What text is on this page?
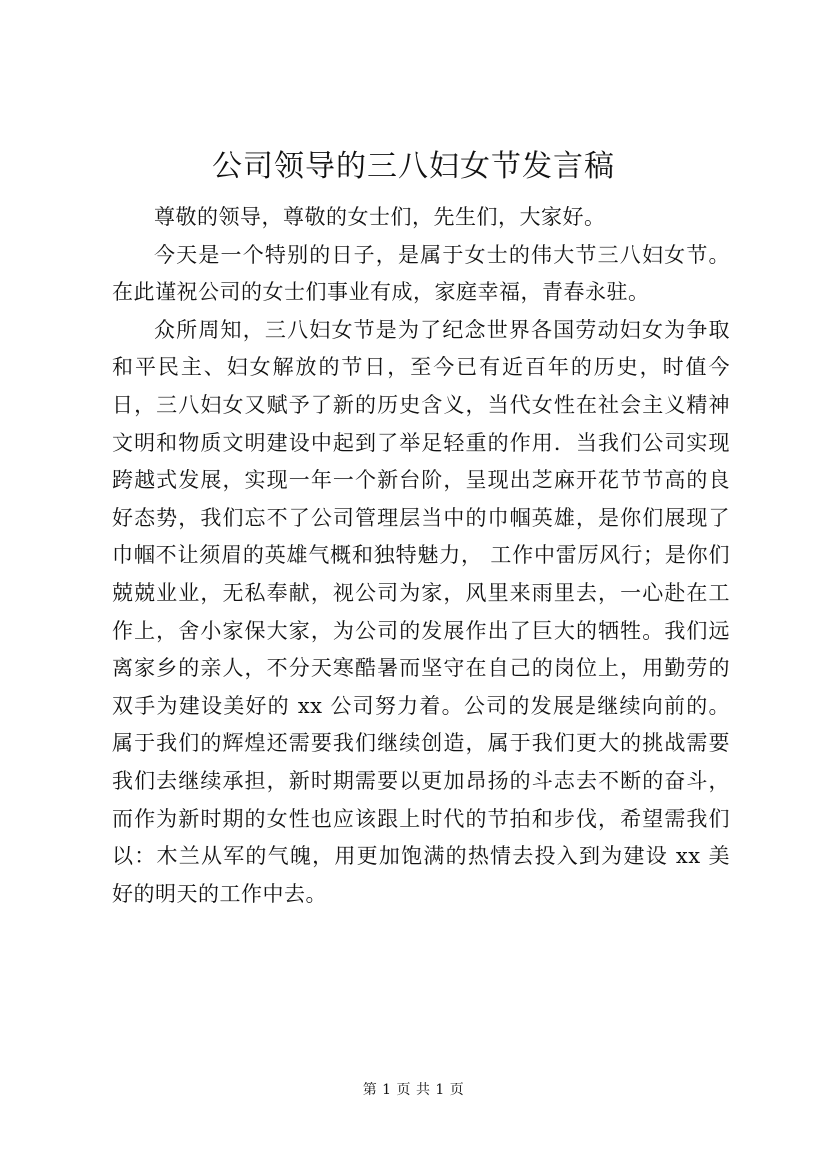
公司领导的三八妇女节发言稿

尊敬的领导，尊敬的女士们，先生们，大家好。

今天是一个特别的日子，是属于女士的伟大节三八妇女节。在此谨祝公司的女士们事业有成，家庭幸福，青春永驻。

众所周知，三八妇女节是为了纪念世界各国劳动妇女为争取和平民主、妇女解放的节日，至今已有近百年的历史，时值今日，三八妇女又赋予了新的历史含义，当代女性在社会主义精神文明和物质文明建设中起到了举足轻重的作用．当我们公司实现跨越式发展，实现一年一个新台阶，呈现出芝麻开花节节高的良好态势，我们忘不了公司管理层当中的巾帼英雄，是你们展现了巾帼不让须眉的英雄气概和独特魅力， 工作中雷厉风行；是你们兢兢业业，无私奉献，视公司为家，风里来雨里去，一心赴在工作上，舍小家保大家，为公司的发展作出了巨大的牺牲。我们远离家乡的亲人，不分天寒酷暑而坚守在自己的岗位上，用勤劳的双手为建设美好的 xx 公司努力着。公司的发展是继续向前的。属于我们的辉煌还需要我们继续创造，属于我们更大的挑战需要我们去继续承担，新时期需要以更加昂扬的斗志去不断的奋斗，而作为新时期的女性也应该跟上时代的节拍和步伐，希望需我们以：木兰从军的气魄，用更加饱满的热情去投入到为建设 xx 美好的明天的工作中去。

第 1 页 共 1 页
